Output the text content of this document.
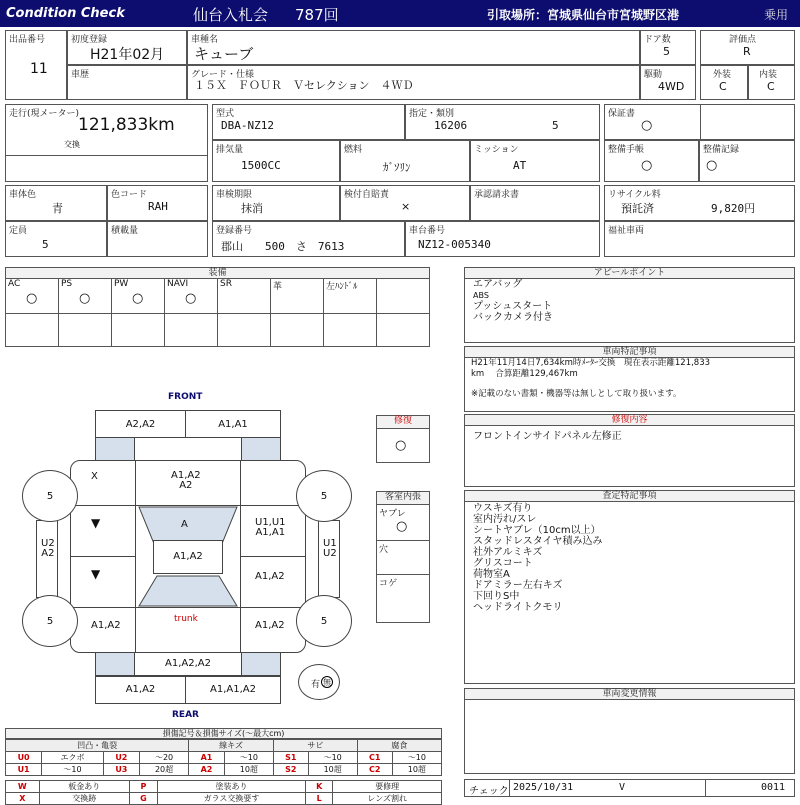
Condition Check	仙台入札会 787回	引取場所：宮城県仙台市宮城野区港	乗用
出品番号
11
初度登録
H21年02月
車種名
キューブ
ドア数
5
評価点
R
車歴	グレード・仕様
１５Ｘ　ＦＯＵＲ　Ｖセレクション　４ＷＤ
駆動
4WD
外装
C
内装
C
走行(現メーター)
121,833km
交換
型式
DBA-NZ12
指定・類別
16206	5
保証書
○
排気量
1500CC
燃料
ｶﾞｿﾘﾝ
ミッション
AT
整備手帳
○
整備記録
○
車体色
青
色コード
RAH
車検期限
抹消
検付自賠責
×
承認請求書	リサイクル料
預託済	9,820円
定員
5
積載量	登録番号
郡山　　500　さ　7613
車台番号
NZ12-005340
福祉車両
装備
AC
○
PS
○
PW
○
NAVI
○
SR	革	左ﾊﾝﾄﾞﾙ
アピールポイント
エアバッグ
ABS
プッシュスタート
バックカメラ付き
車両特記事項
H21年11月14日7,634km時ﾒｰﾀｰ交換　現在表示距離121,833
km　 合算距離129,467km
※記載のない書類・機器等は無しとして取り扱います。
修復内容
フロントインサイドパネル左修正
査定特記事項
ウスキズ有り
室内汚れ/スレ
シートヤブレ（10cm以上）
スタッドレスタイヤ積み込み
社外アルミキズ
グリスコート
荷物室A
ドアミラー左右キズ
下回りS中
ヘッドライトクモリ
車両変更情報
チェック 2025/10/31	V	0011
修復
○
客室内張
ヤブレ
○
穴
コゲ
FRONT
REAR
A2,A2	A1,A1
X	A1,A2
A2
A
▼
▼
U1,U1
A1,A1
A1,A2
A1,A2
U2
A2
U1
U2
A1,A2
trunk
A1,A2
A1,A2,A2
A1,A2	A1,A1,A2
5	5
5	5
有 無
損傷記号＆損傷サイズ(～最大cm)
凹凸・亀裂				線キズ		サビ		腐食	
U0	エクボ	U2	～20	A1	～10	S1	～10	C1	～10
U1	～10	U3	20超	A2	10超	S2	10超	C2	10超
W	板金あり	P	塗装あり	K	要修理
X	交換跡	G	ガラス交換要す	L	レンズ割れ
